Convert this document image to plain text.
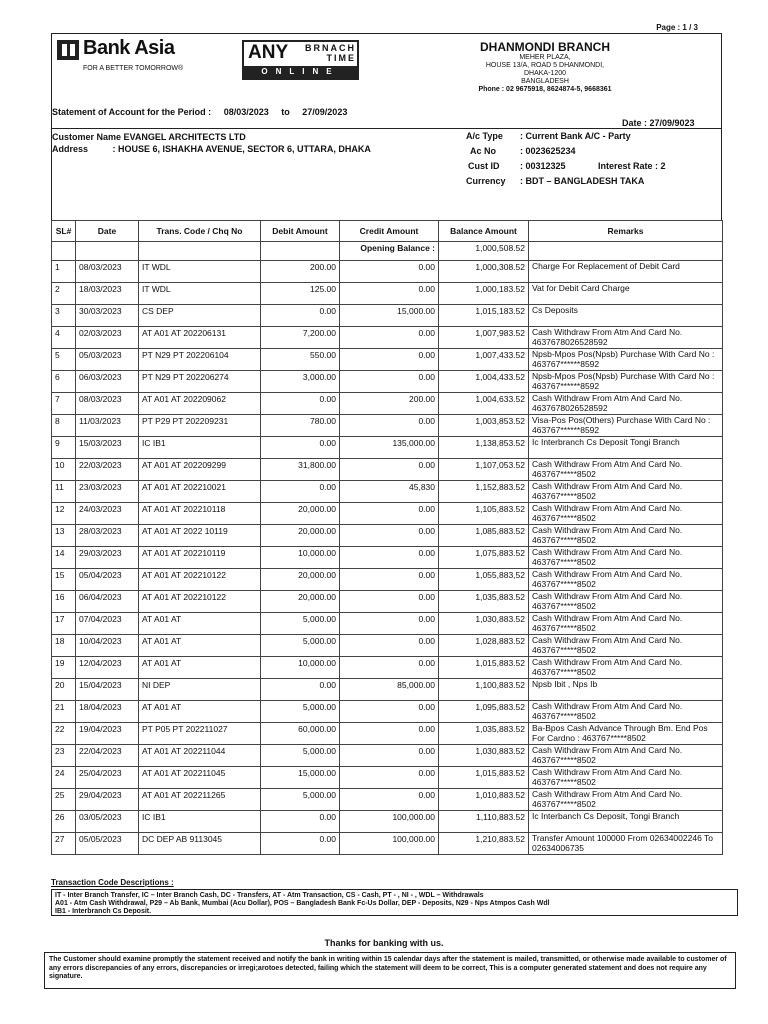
Page : 1 / 3
Bank Asia
FOR A BETTER TOMORROW®
ANY	BRNACH
TIME
ONLINE
DHANMONDI BRANCH
MEHER PLAZA,
HOUSE 13/A, ROAD 5 DHANMONDI,
DHAKA-1200
BANGLADESH
Phone : 02 9675918, 8624874-5, 9668361
Statement of Account for the Period : 08/03/2023 to 27/09/2023
Date : 27/09/9023
Customer Name EVANGEL ARCHITECTS LTD
Address	: HOUSE 6, ISHAKHA AVENUE, SECTOR 6, UTTARA, DHAKA
A/c Type	: Current Bank A/C - Party
Ac No	: 0023625234
Cust ID	: 00312325	Interest Rate : 2
Currency	: BDT – BANGLADESH TAKA
SL#	Date	Trans. Code / Chq No	Debit Amount	Credit Amount	Balance Amount	Remarks
				Opening Balance :	1,000,508.52	
1	08/03/2023	IT WDL	200.00	0.00	1,000,308.52	Charge For Replacement of Debit Card
2	18/03/2023	IT WDL	125.00	0.00	1,000,183.52	Vat for Debit Card Charge
3	30/03/2023	CS DEP	0.00	15,000.00	1,015,183.52	Cs Deposits
4	02/03/2023	AT A01 AT 202206131	7,200.00	0.00	1,007,983.52	Cash Withdraw From Atm And Card No. 4637678026528592
5	05/03/2023	PT N29 PT 202206104	550.00	0.00	1,007,433.52	Npsb-Mpos Pos(Npsb) Purchase With Card No : 463767******8592
6	06/03/2023	PT N29 PT 202206274	3,000.00	0.00	1,004,433.52	Npsb-Mpos Pos(Npsb) Purchase With Card No : 463767******8592
7	08/03/2023	AT A01 AT 202209062	0.00	200.00	1,004,633.52	Cash Withdraw From Atm And Card No. 4637678026528592
8	11/03/2023	PT P29 PT 202209231	780.00	0.00	1,003,853.52	Visa-Pos Pos(Others) Purchase With Card No : 463767******8592
9	15/03/2023	IC IB1	0.00	135,000.00	1,138,853.52	Ic Interbranch Cs Deposit Tongi Branch
10	22/03/2023	AT A01 AT 202209299	31,800.00	0.00	1,107,053.52	Cash Withdraw From Atm And Card No. 463767*****8502
11	23/03/2023	AT A01 AT 202210021	0.00	45,830	1,152,883.52	Cash Withdraw From Atm And Card No. 463767*****8502
12	24/03/2023	AT A01 AT 202210118	20,000.00	0.00	1,105,883.52	Cash Withdraw From Atm And Card No. 463767*****8502
13	28/03/2023	AT A01 AT 2022 10119	20,000.00	0.00	1,085,883.52	Cash Withdraw From Atm And Card No. 463767*****8502
14	29/03/2023	AT A01 AT 202210119	10,000.00	0.00	1,075,883.52	Cash Withdraw From Atm And Card No. 463767*****8502
15	05/04/2023	AT A01 AT 202210122	20,000.00	0.00	1,055,883,52	Cash Withdraw From Atm And Card No. 463767*****8502
16	06/04/2023	AT A01 AT 202210122	20,000.00	0.00	1,035,883.52	Cash Withdraw From Atm And Card No. 463767*****8502
17	07/04/2023	AT A01 AT	5,000.00	0.00	1,030,883.52	Cash Withdraw From Atm And Card No. 463767*****8502
18	10/04/2023	AT A01 AT	5,000.00	0.00	1,028,883.52	Cash Withdraw From Atm And Card No. 463767*****8502
19	12/04/2023	AT A01 AT	10,000.00	0.00	1,015,883.52	Cash Withdraw From Atm And Card No. 463767*****8502
20	15/04/2023	NI DEP	0.00	85,000.00	1,100,883.52	Npsb Ibit , Nps Ib
21	18/04/2023	AT A01 AT	5,000.00	0.00	1,095,883.52	Cash Withdraw From Atm And Card No. 463767*****8502
22	19/04/2023	PT P05 PT 202211027	60,000.00	0.00	1,035,883.52	Ba-Bpos Cash Advance Through Bm. End Pos For Cardno : 463767*****8502
23	22/04/2023	AT A01 AT 202211044	5,000.00	0.00	1,030,883.52	Cash Withdraw From Atm And Card No. 463767*****8502
24	25/04/2023	AT A01 AT 202211045	15,000.00	0.00	1,015,883.52	Cash Withdraw From Atm And Card No. 463767*****8502
25	29/04/2023	AT A01 AT 202211265	5,000.00	0.00	1,010,883.52	Cash Withdraw From Atm And Card No. 463767*****8502
26	03/05/2023	IC IB1	0.00	100,000.00	1,110,883.52	Ic Interbanch Cs Deposit, Tongi Branch
27	05/05/2023	DC DEP AB 9113045	0.00	100,000.00	1,210,883.52	Transfer Amount 100000 From 02634002246 To 02634006735
Transaction Code Descriptions :
IT - Inter Branch Transfer, IC – Inter Branch Cash, DC - Transfers, AT - Atm Transaction, CS - Cash, PT - , NI - , WDL – Withdrawals
A01 - Atm Cash Withdrawal, P29 – Ab Bank, Mumbai (Acu Dollar), POS – Bangladesh Bank Fc-Us Dollar, DEP - Deposits, N29 - Nps Atmpos Cash Wdl
IB1 - Interbranch Cs Deposit.
Thanks for banking with us.
The Customer should examine promptly the statement received and notify the bank in writing within 15 calendar days after the statement is mailed, transmitted, or otherwise made available to customer of any errors discrepancies of any errors, discrepancies or irregi;arotoes detected, failing which the statement will deem to be correct, This is a computer generated statement and does not require any signature.
